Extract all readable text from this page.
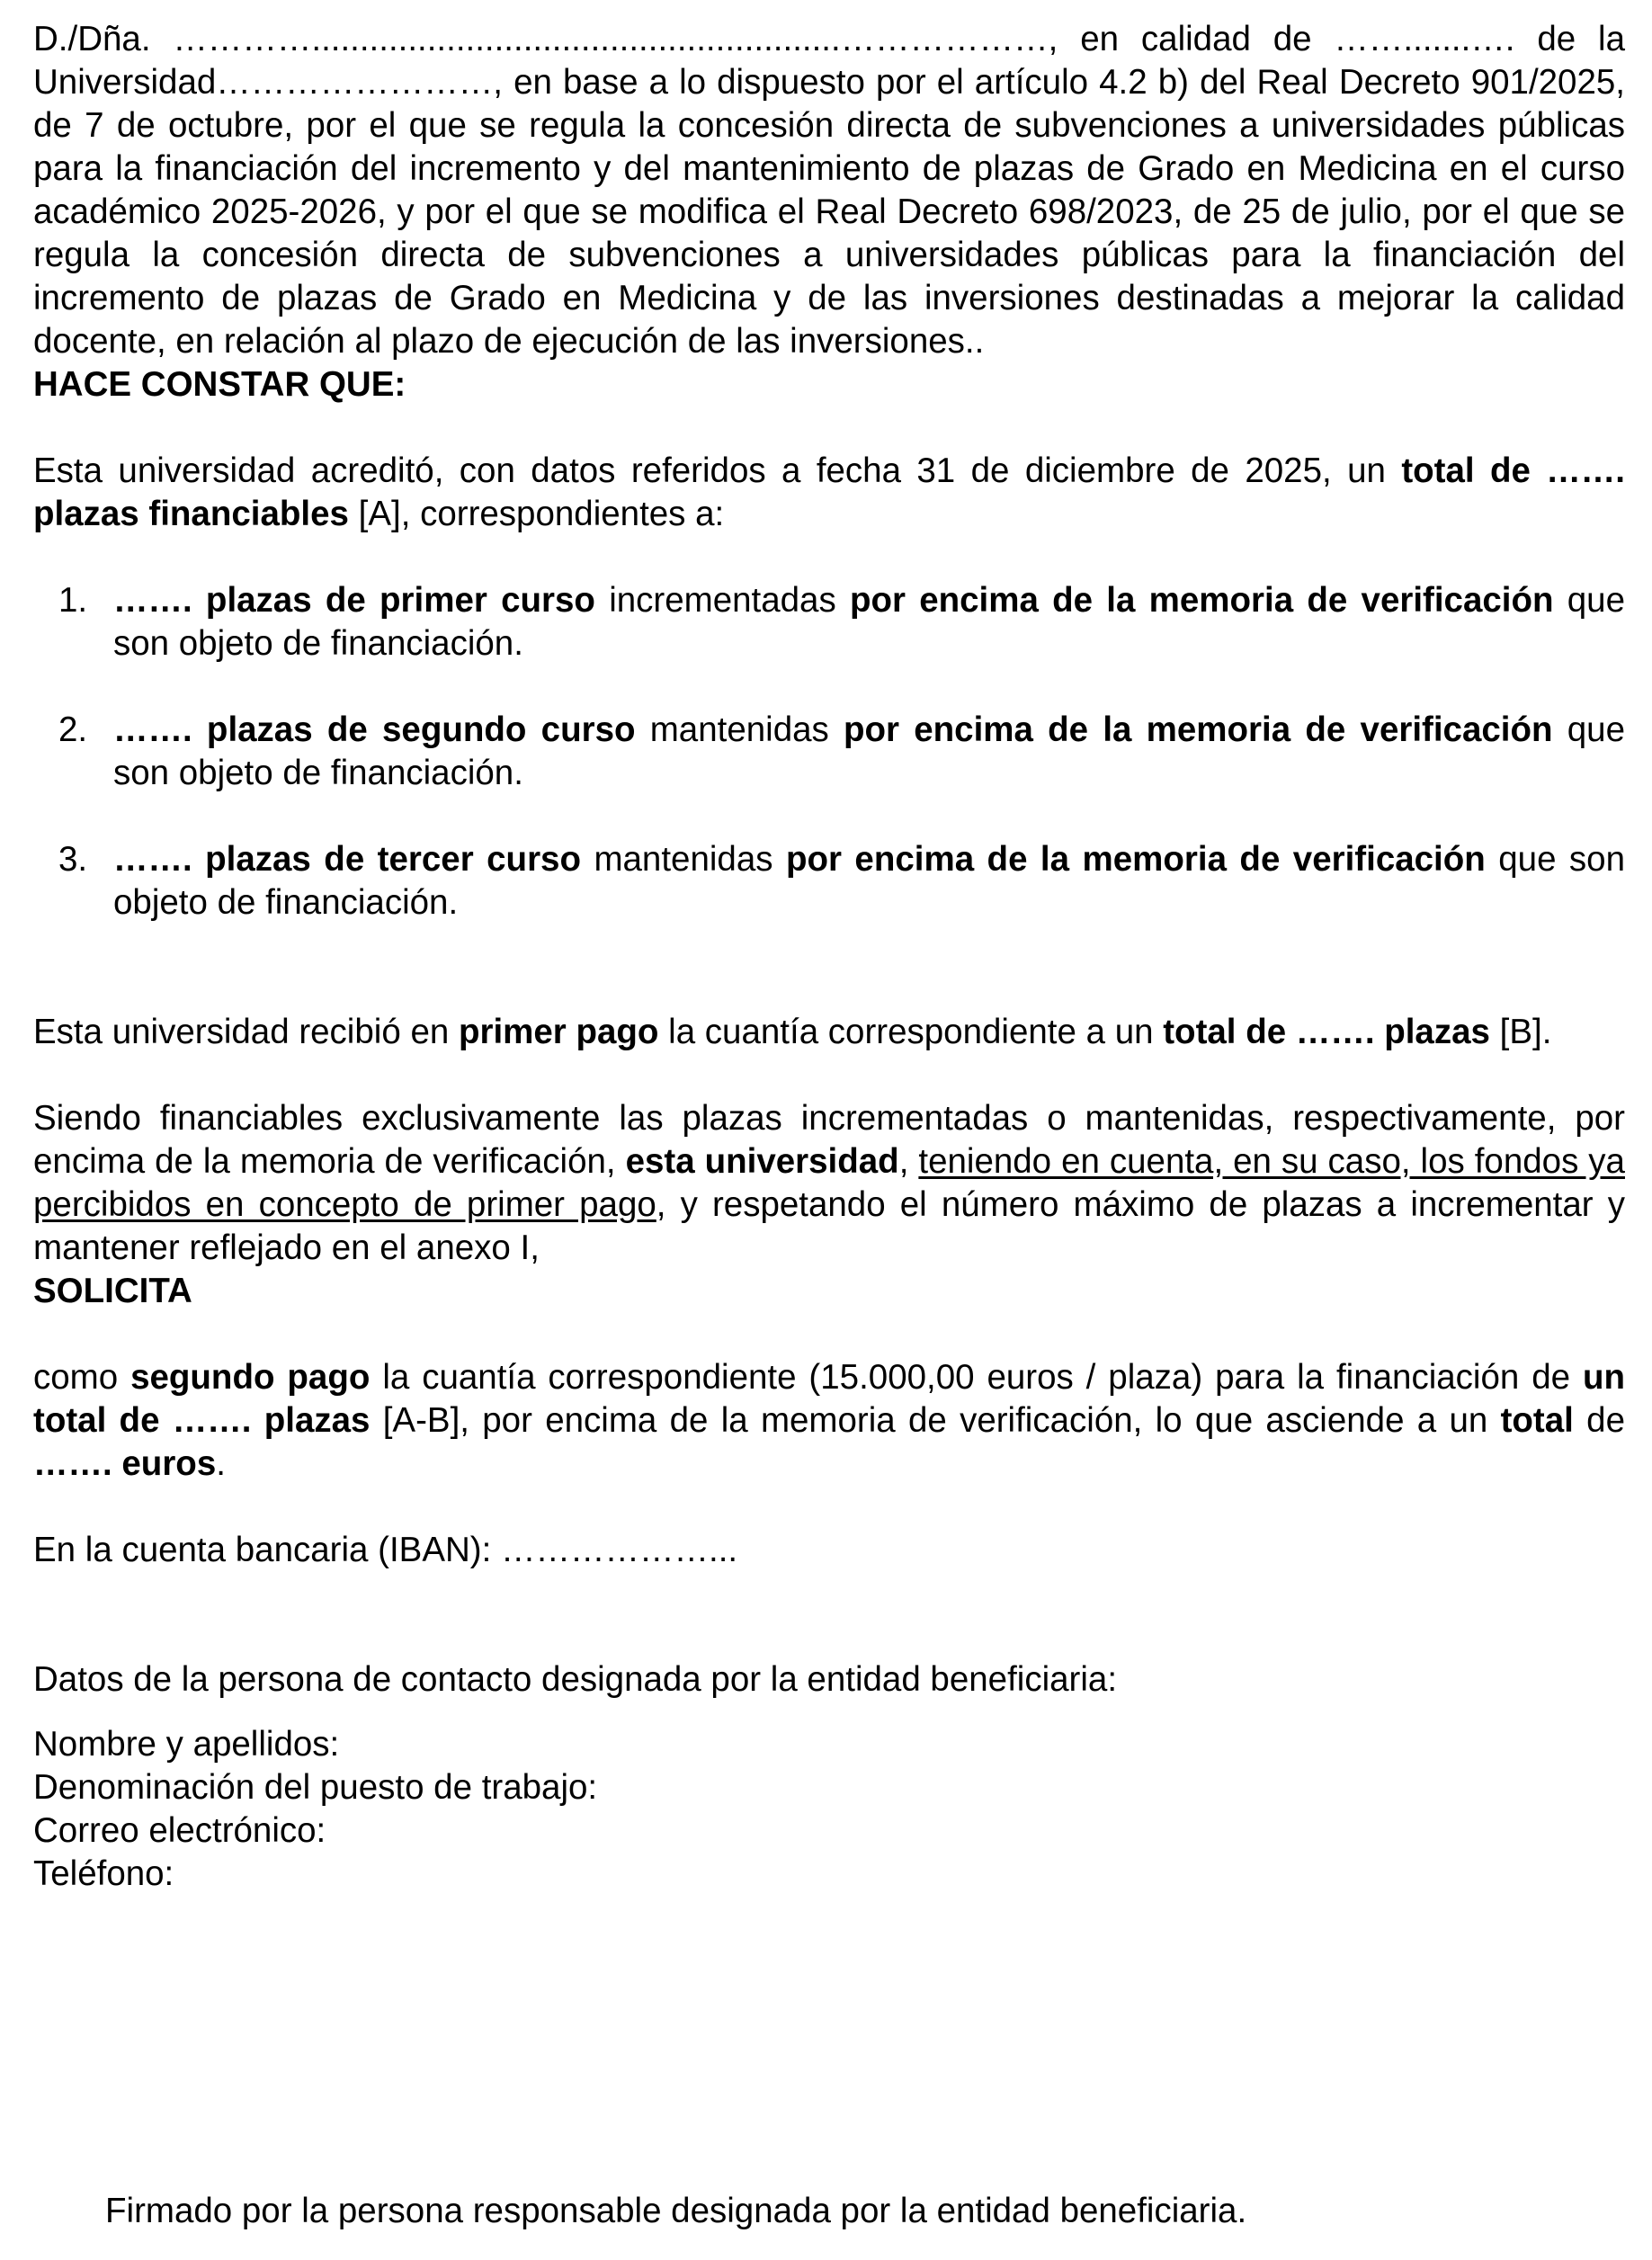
D./Dña. ………….......................................................………………, en calidad de …….......…. de la Universidad……………………, en base a lo dispuesto por el artículo 4.2 b) del Real Decreto 901/2025, de 7 de octubre, por el que se regula la concesión directa de subvenciones a universidades públicas para la financiación del incremento y del mantenimiento de plazas de Grado en Medicina en el curso académico 2025-2026, y por el que se modifica el Real Decreto 698/2023, de 25 de julio, por el que se regula la concesión directa de subvenciones a universidades públicas para la financiación del incremento de plazas de Grado en Medicina y de las inversiones destinadas a mejorar la calidad docente, en relación al plazo de ejecución de las inversiones..

HACE CONSTAR QUE:

Esta universidad acreditó, con datos referidos a fecha 31 de diciembre de 2025, un total de ……. plazas financiables [A], correspondientes a:

1. ……. plazas de primer curso incrementadas por encima de la memoria de verificación que son objeto de financiación.
2. ……. plazas de segundo curso mantenidas por encima de la memoria de verificación que son objeto de financiación.
3. ……. plazas de tercer curso mantenidas por encima de la memoria de verificación que son objeto de financiación.

Esta universidad recibió en primer pago la cuantía correspondiente a un total de ……. plazas [B].

Siendo financiables exclusivamente las plazas incrementadas o mantenidas, respectivamente, por encima de la memoria de verificación, esta universidad, teniendo en cuenta, en su caso, los fondos ya percibidos en concepto de primer pago, y respetando el número máximo de plazas a incrementar y mantener reflejado en el anexo I,

SOLICITA

como segundo pago la cuantía correspondiente (15.000,00 euros / plaza) para la financiación de un total de ……. plazas [A-B], por encima de la memoria de verificación, lo que asciende a un total de ……. euros.

En la cuenta bancaria (IBAN): ………………...

Datos de la persona de contacto designada por la entidad beneficiaria:

Nombre y apellidos:
Denominación del puesto de trabajo:
Correo electrónico:
Teléfono:

Firmado por la persona responsable designada por la entidad beneficiaria.
